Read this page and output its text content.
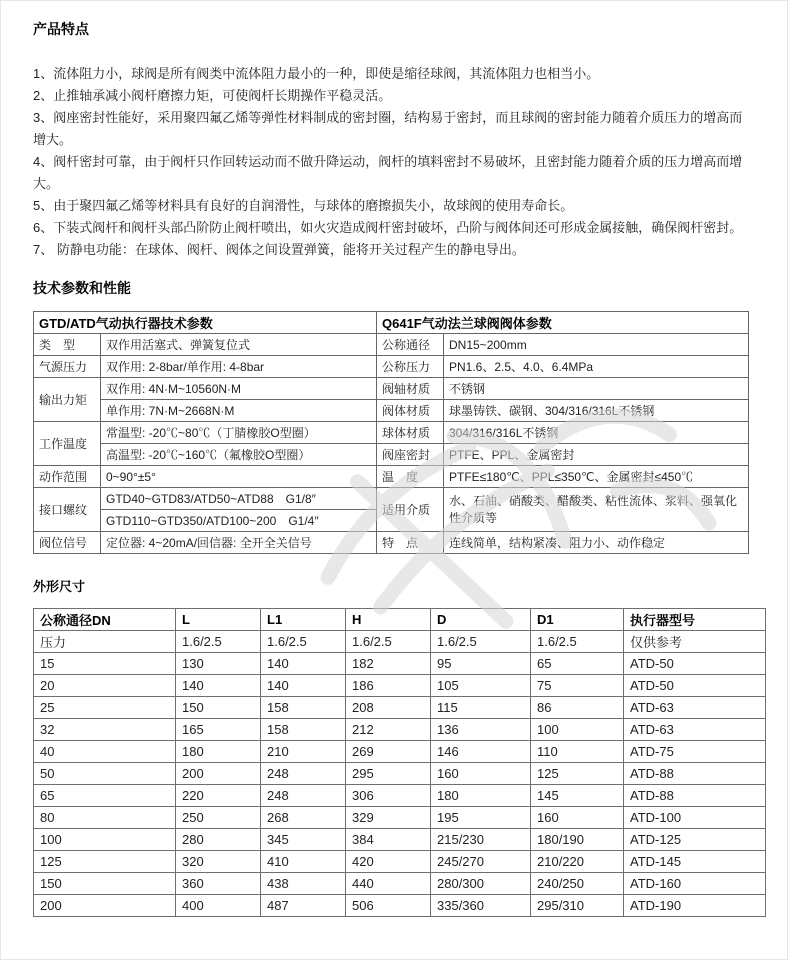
产品特点
1、流体阻力小，球阀是所有阀类中流体阻力最小的一种，即使是缩径球阀，其流体阻力也相当小。
2、止推轴承减小阀杆磨擦力矩，可使阀杆长期操作平稳灵活。
3、阀座密封性能好，采用聚四氟乙烯等弹性材料制成的密封圈，结构易于密封，而且球阀的密封能力随着介质压力的增高而增大。
4、阀杆密封可靠，由于阀杆只作回转运动而不做升降运动，阀杆的填料密封不易破坏，且密封能力随着介质的压力增高而增大。
5、由于聚四氟乙烯等材料具有良好的自润滑性，与球体的磨擦损失小，故球阀的使用寿命长。
6、下装式阀杆和阀杆头部凸阶防止阀杆喷出，如火灾造成阀杆密封破坏，凸阶与阀体间还可形成金属接触，确保阀杆密封。
7、 防静电功能：在球体、阀杆、阀体之间设置弹簧，能将开关过程产生的静电导出。
技术参数和性能
GTD/ATD气动执行器技术参数		Q641F气动法兰球阀阀体参数	
类　型	双作用活塞式、弹簧复位式	公称通径	DN15~200mm
气源压力	双作用: 2-8bar/单作用: 4-8bar	公称压力	PN1.6、2.5、4.0、6.4MPa
输出力矩	双作用: 4N·M~10560N·M	阀轴材质	不锈钢
	单作用: 7N·M~2668N·M	阀体材质	球墨铸铁、碳钢、304/316/316L不锈钢
工作温度	常温型: -20℃~80℃（丁腈橡胶O型圈）	球体材质	304/316/316L不锈钢
	高温型: -20℃~160℃（氟橡胶O型圈）	阀座密封	PTFE、PPL、金属密封
动作范围	0~90°±5°	温　度	PTFE≤180℃、PPL≤350℃、金属密封≤450℃
接口螺纹	GTD40~GTD83/ATD50~ATD88　G1/8″	适用介质	水、石油、硝酸类、醋酸类、粘性流体、浆料、强氧化性介质等
	GTD110~GTD350/ATD100~200　G1/4″		
阀位信号	定位器: 4~20mA/回信器: 全开全关信号	特　点	连线简单，结构紧凑、阻力小、动作稳定
外形尺寸
公称通径DN	L	L1	H	D	D1	执行器型号
压力	1.6/2.5	1.6/2.5	1.6/2.5	1.6/2.5	1.6/2.5	仅供参考
15	130	140	182	95	65	ATD-50
20	140	140	186	105	75	ATD-50
25	150	158	208	115	86	ATD-63
32	165	158	212	136	100	ATD-63
40	180	210	269	146	110	ATD-75
50	200	248	295	160	125	ATD-88
65	220	248	306	180	145	ATD-88
80	250	268	329	195	160	ATD-100
100	280	345	384	215/230	180/190	ATD-125
125	320	410	420	245/270	210/220	ATD-145
150	360	438	440	280/300	240/250	ATD-160
200	400	487	506	335/360	295/310	ATD-190
